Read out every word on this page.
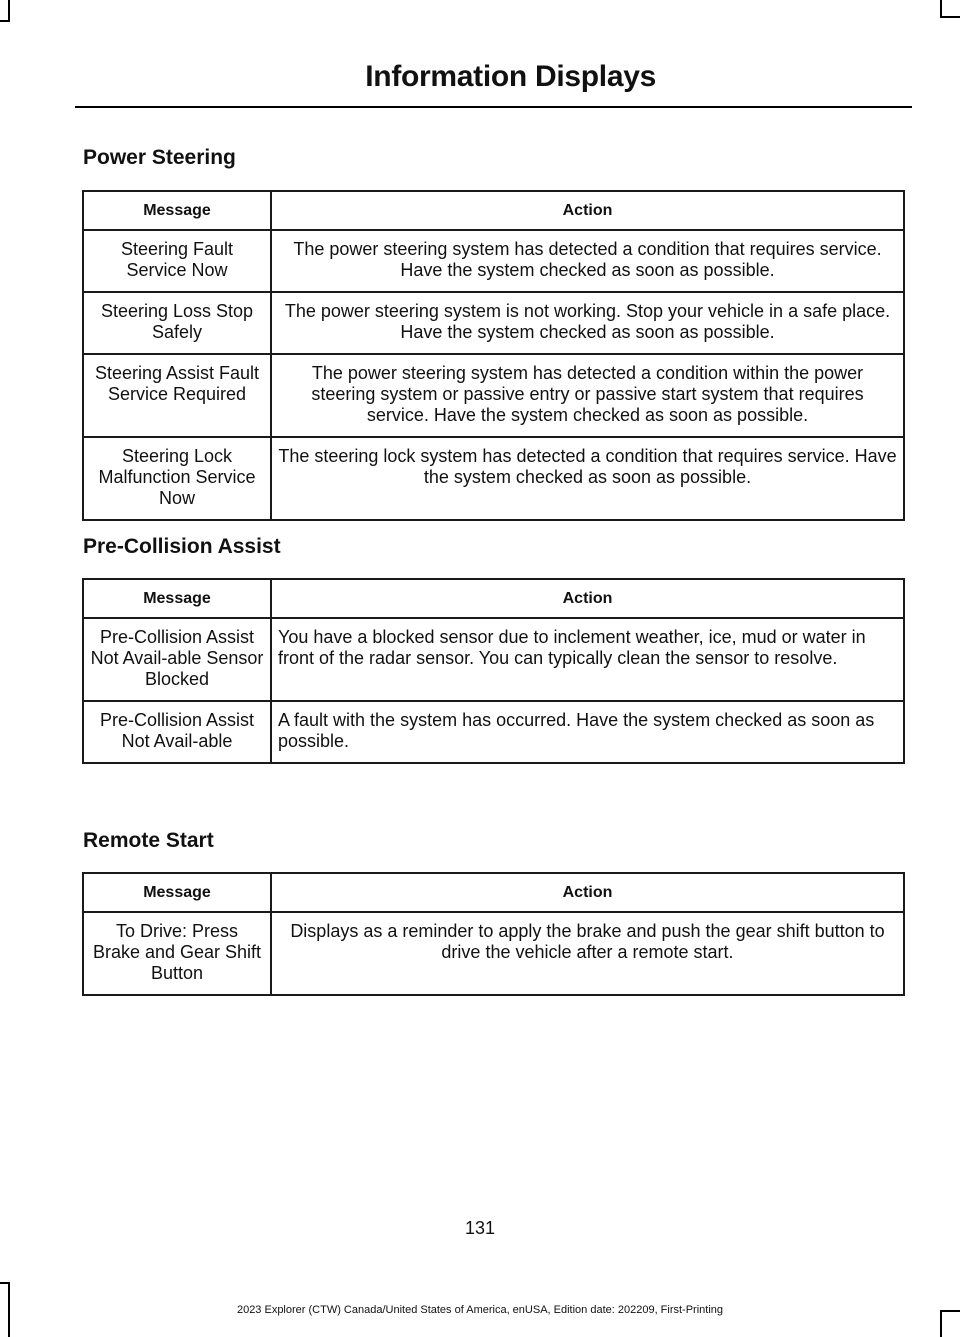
Information Displays
Power Steering
Message	Action
Steering Fault Service Now	The power steering system has detected a condition that requires service. Have the system checked as soon as possible.
Steering Loss Stop Safely	The power steering system is not working. Stop your vehicle in a safe place. Have the system checked as soon as possible.
Steering Assist Fault Service Required	The power steering system has detected a condition within the power steering system or passive entry or passive start system that requires service. Have the system checked as soon as possible.
Steering Lock Malfunction Service Now	The steering lock system has detected a condition that requires service. Have the system checked as soon as possible.
Pre-Collision Assist
Message	Action
Pre-Collision Assist Not Avail-able Sensor Blocked	You have a blocked sensor due to inclement weather, ice, mud or water in front of the radar sensor. You can typically clean the sensor to resolve.
Pre-Collision Assist Not Avail-able	A fault with the system has occurred. Have the system checked as soon as possible.
Remote Start
Message	Action
To Drive: Press Brake and Gear Shift Button	Displays as a reminder to apply the brake and push the gear shift button to drive the vehicle after a remote start.
131
2023 Explorer (CTW) Canada/United States of America, enUSA, Edition date: 202209, First-Printing
